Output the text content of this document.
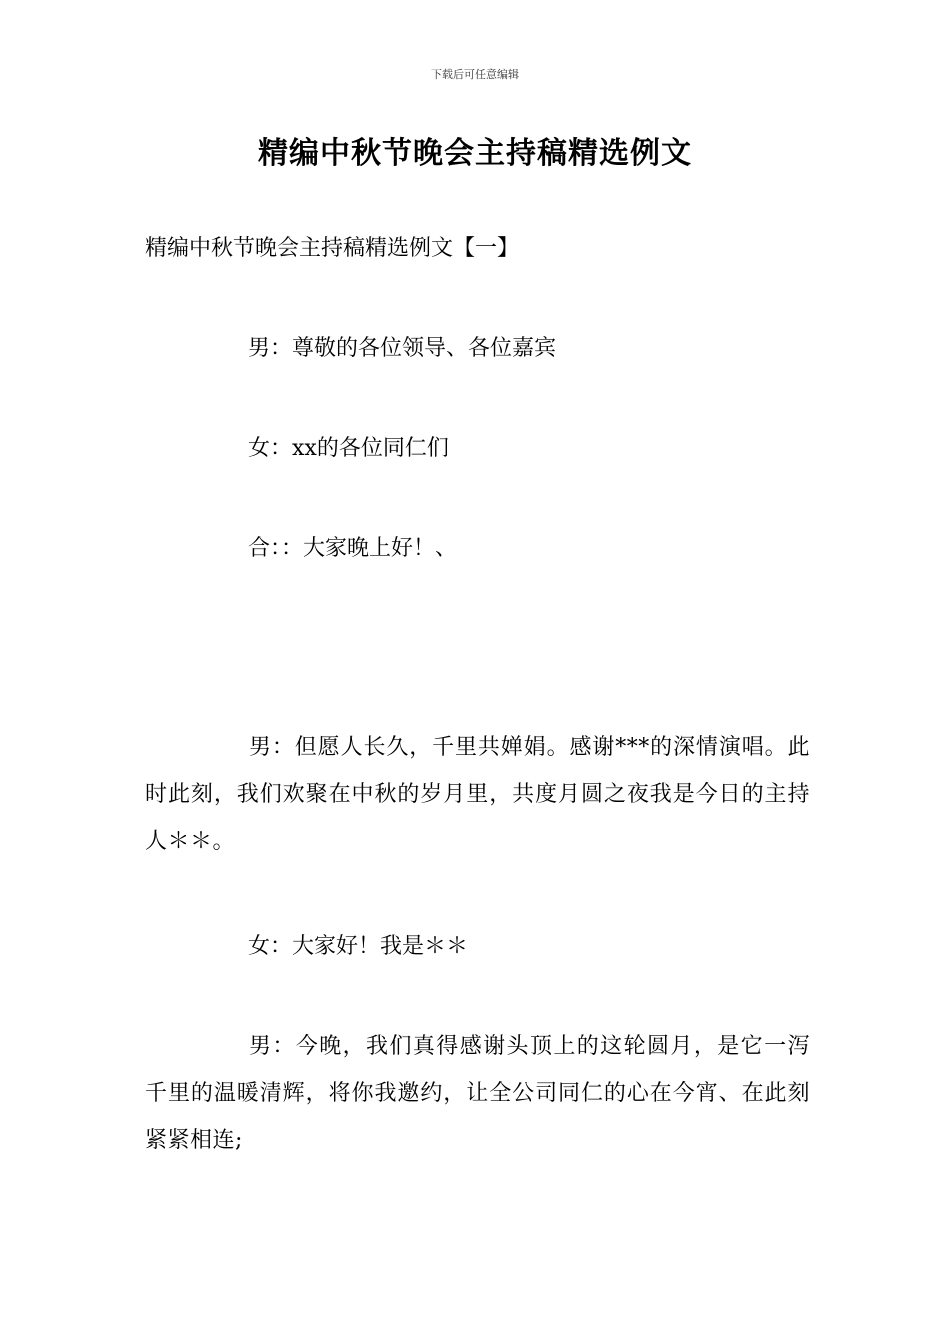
下载后可任意编辑
精编中秋节晚会主持稿精选例文

精编中秋节晚会主持稿精选例文【一】

男：尊敬的各位领导、各位嘉宾

女：xx的各位同仁们

合：：大家晚上好！、

男：但愿人长久，千里共婵娟。感谢***的深情演唱。此时此刻，我们欢聚在中秋的岁月里，共度月圆之夜我是今日的主持人＊＊。

女：大家好！我是＊＊

男：今晚，我们真得感谢头顶上的这轮圆月，是它一泻千里的温暖清辉，将你我邀约，让全公司同仁的心在今宵、在此刻紧紧相连;
